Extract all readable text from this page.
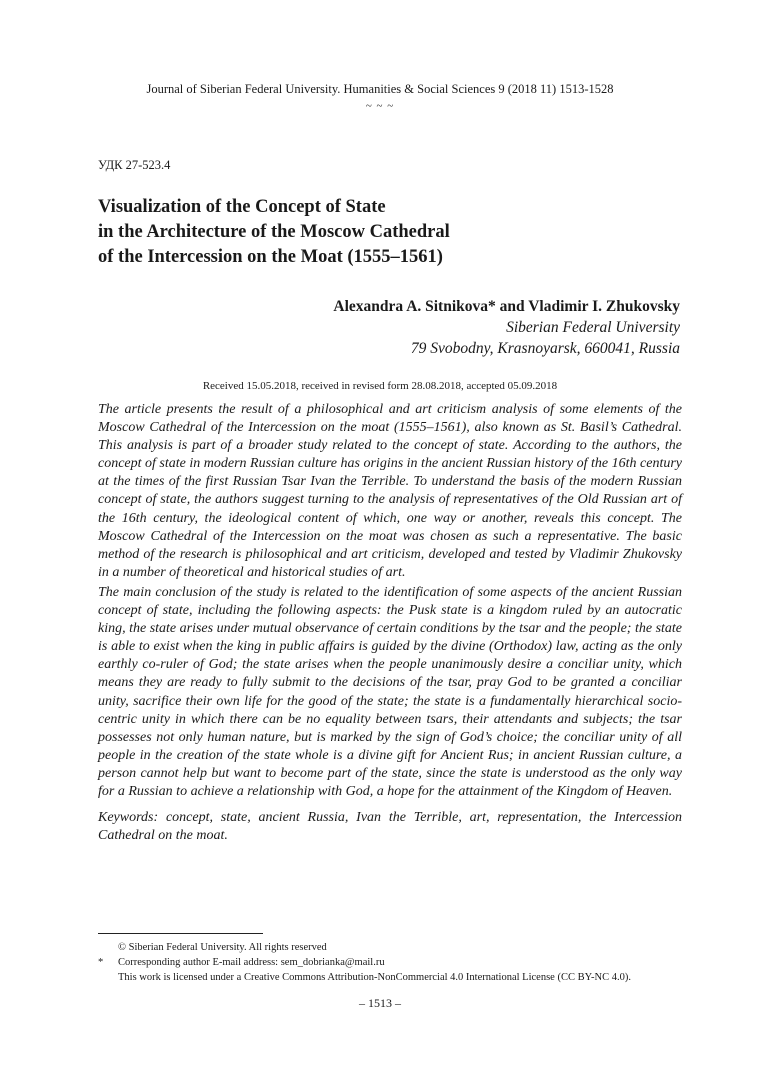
Journal of Siberian Federal University. Humanities & Social Sciences 9 (2018 11) 1513-1528
~ ~ ~
УДК 27-523.4
Visualization of the Concept of State
in the Architecture of the Moscow Cathedral
of the Intercession on the Moat (1555–1561)
Alexandra A. Sitnikova* and Vladimir I. Zhukovsky
Siberian Federal University
79 Svobodny, Krasnoyarsk, 660041, Russia
Received 15.05.2018, received in revised form 28.08.2018, accepted 05.09.2018

The article presents the result of a philosophical and art criticism analysis of some elements of the Moscow Cathedral of the Intercession on the moat (1555–1561), also known as St. Basil’s Cathedral. This analysis is part of a broader study related to the concept of state. According to the authors, the concept of state in modern Russian culture has origins in the ancient Russian history of the 16th century at the times of the first Russian Tsar Ivan the Terrible. To understand the basis of the modern Russian concept of state, the authors suggest turning to the analysis of representatives of the Old Russian art of the 16th century, the ideological content of which, one way or another, reveals this concept. The Moscow Cathedral of the Intercession on the moat was chosen as such a representative. The basic method of the research is philosophical and art criticism, developed and tested by Vladimir Zhukovsky in a number of theoretical and historical studies of art.

The main conclusion of the study is related to the identification of some aspects of the ancient Russian concept of state, including the following aspects: the Pusk state is a kingdom ruled by an autocratic king, the state arises under mutual observance of certain conditions by the tsar and the people; the state is able to exist when the king in public affairs is guided by the divine (Orthodox) law, acting as the only earthly co-ruler of God; the state arises when the people unanimously desire a conciliar unity, which means they are ready to fully submit to the decisions of the tsar, pray God to be granted a conciliar unity, sacrifice their own life for the good of the state; the state is a fundamentally hierarchical socio-centric unity in which there can be no equality between tsars, their attendants and subjects; the tsar possesses not only human nature, but is marked by the sign of God’s choice; the conciliar unity of all people in the creation of the state whole is a divine gift for Ancient Rus; in ancient Russian culture, a person cannot help but want to become part of the state, since the state is understood as the only way for a Russian to achieve a relationship with God, a hope for the attainment of the Kingdom of Heaven.

Keywords: concept, state, ancient Russia, Ivan the Terrible, art, representation, the Intercession Cathedral on the moat.

© Siberian Federal University. All rights reserved
*	Corresponding author E-mail address: sem_dobrianka@mail.ru
This work is licensed under a Creative Commons Attribution-NonCommercial 4.0 International License (CC BY-NC 4.0).
– 1513 –
